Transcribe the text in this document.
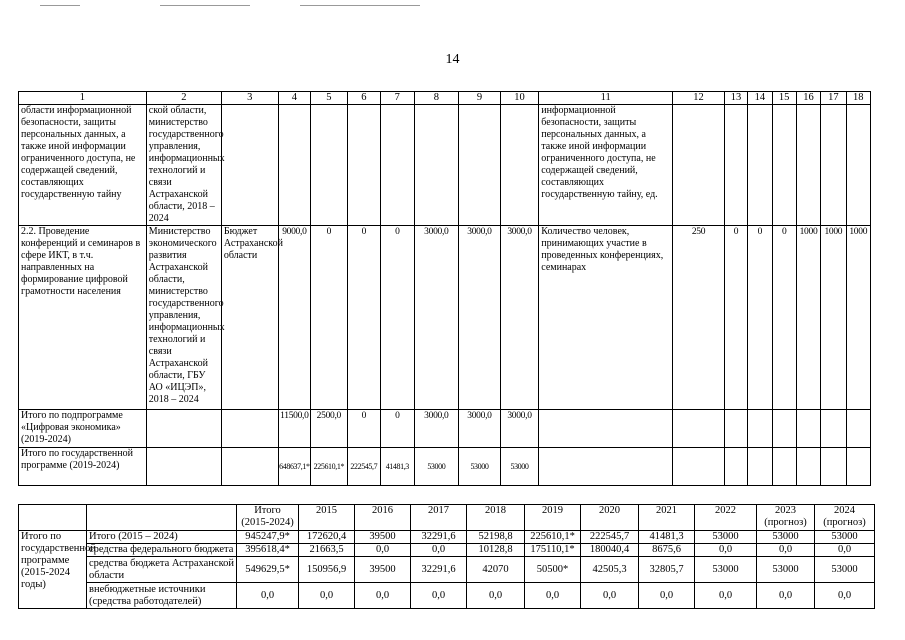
14
1	2	3	4	5	6	7	8	9	10	11	12	13	14	15	16	17	18
области информационной безопасности, защиты персональных данных, а также иной информации ограниченного доступа, не содержащей сведений, составляющих государственную тайну	ской области, министерство государственного управления, информационных технологий и связи Астраханской области, 2018 – 2024									информационной безопасности, защиты персональных данных, а также иной информации ограниченного доступа, не содержащей сведений, составляющих государственную тайну, ед.							
2.2. Проведение конференций и семинаров в сфере ИКТ, в т.ч. направленных на формирование цифровой грамотности населения	Министерство экономического развития Астраханской области, министерство государственного управления, информационных технологий и связи Астраханской области, ГБУ АО «ИЦЭП», 2018 – 2024	Бюджет Астраханской области	9000,0	0	0	0	3000,0	3000,0	3000,0	Количество человек, принимающих участие в проведенных конференциях, семинарах	250	0	0	0	1000	1000	1000
Итого по подпрограмме «Цифровая экономика» (2019-2024)			11500,0	2500,0	0	0	3000,0	3000,0	3000,0								
Итого по государственной программе (2019-2024)			648637,1*	225610,1*	222545,7	41481,3	53000	53000	53000								
		Итого (2015-2024)	2015	2016	2017	2018	2019	2020	2021	2022	2023 (прогноз)	2024 (прогноз)
Итого по государственной программе (2015-2024 годы)	Итого (2015 – 2024)	945247,9*	172620,4	39500	32291,6	52198,8	225610,1*	222545,7	41481,3	53000	53000	53000
	средства федерального бюджета	395618,4*	21663,5	0,0	0,0	10128,8	175110,1*	180040,4	8675,6	0,0	0,0	0,0
	средства бюджета Астраханской области	549629,5*	150956,9	39500	32291,6	42070	50500*	42505,3	32805,7	53000	53000	53000
	внебюджетные источники (средства работодателей)	0,0	0,0	0,0	0,0	0,0	0,0	0,0	0,0	0,0	0,0	0,0
